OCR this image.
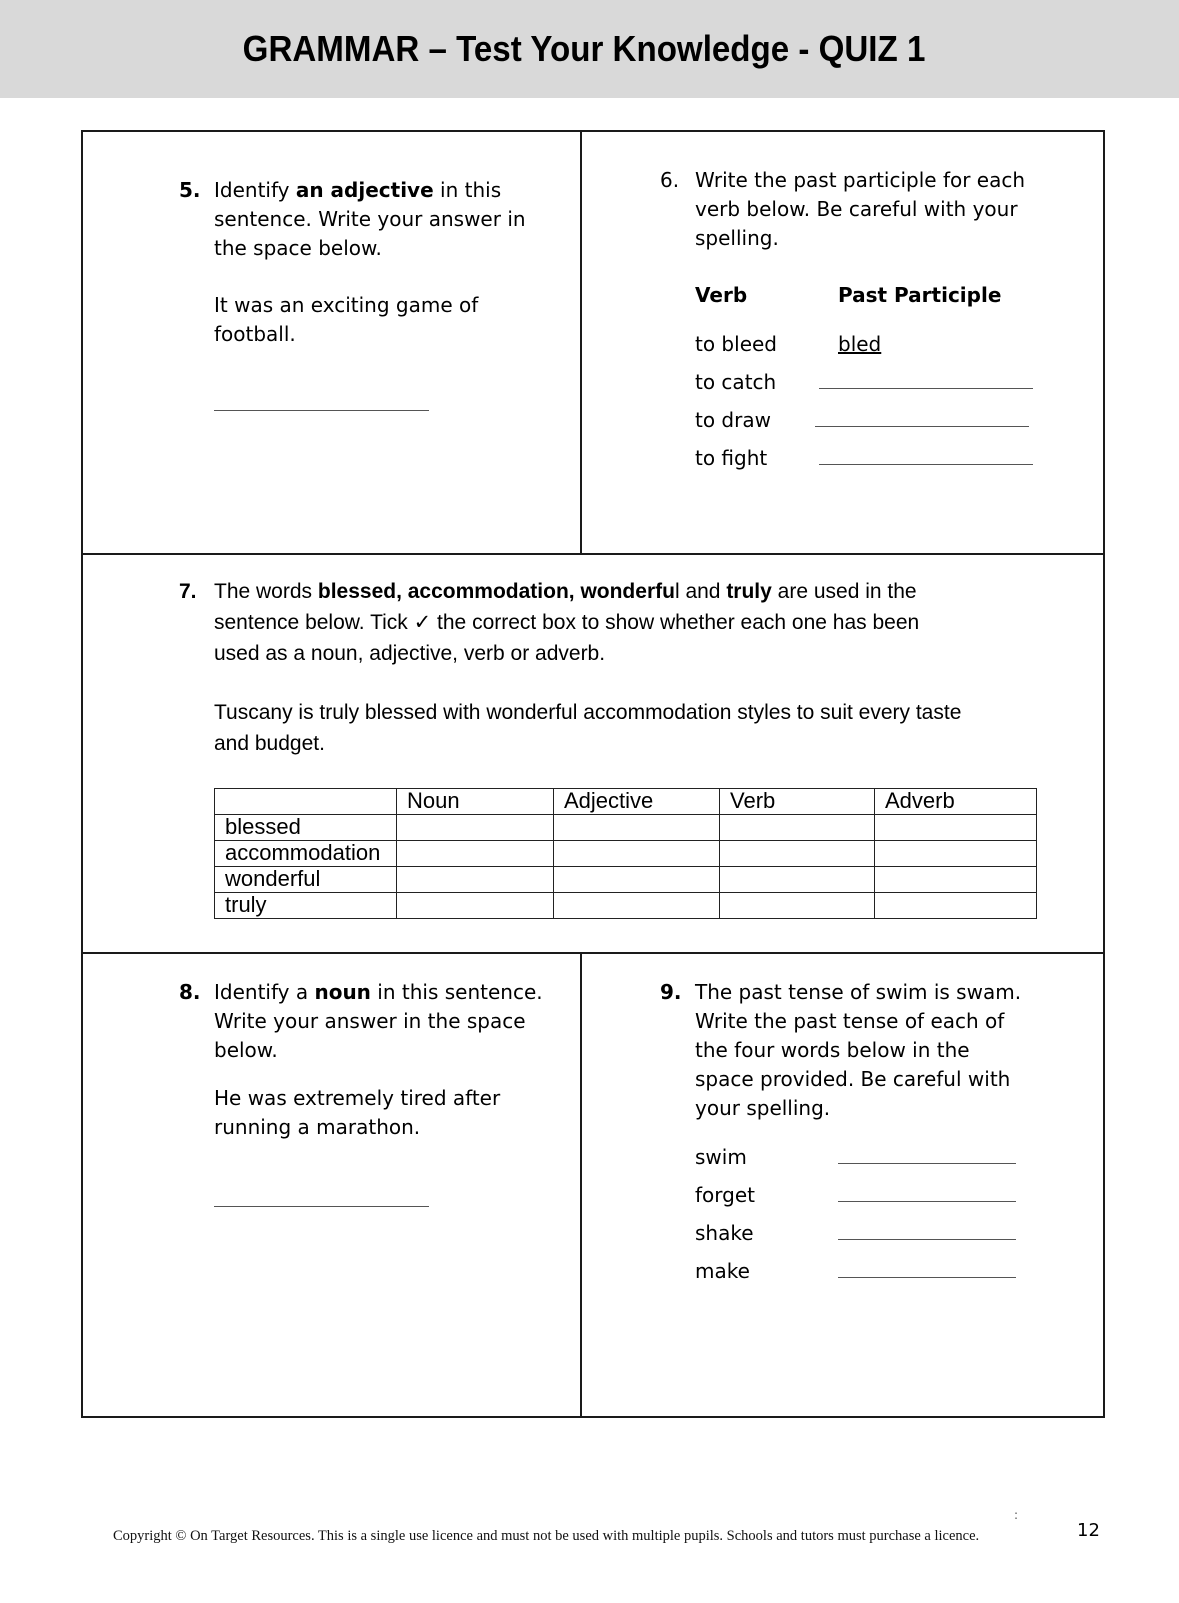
GRAMMAR – Test Your Knowledge - QUIZ 1
5. Identify an adjective in this

sentence. Write your answer in

the space below.

It was an exciting game of

football.

6. Write the past participle for each

verb below. Be careful with your

spelling.

Verb	Past Participle
to bleed	bled
to catch
to draw
to fight
7. The words blessed, accommodation, wonderful and truly are used in the

sentence below. Tick ✓ the correct box to show whether each one has been

used as a noun, adjective, verb or adverb.

Tuscany is truly blessed with wonderful accommodation styles to suit every taste

and budget.

	Noun	Adjective	Verb	Adverb
blessed				
accommodation				
wonderful				
truly				
8. Identify a noun in this sentence.

Write your answer in the space

below.

He was extremely tired after

running a marathon.

9. The past tense of swim is swam.

Write the past tense of each of

the four words below in the

space provided. Be careful with

your spelling.

swim
forget
shake
make
:
Copyright © On Target Resources. This is a single use licence and must not be used with multiple pupils. Schools and tutors must purchase a licence.	12
